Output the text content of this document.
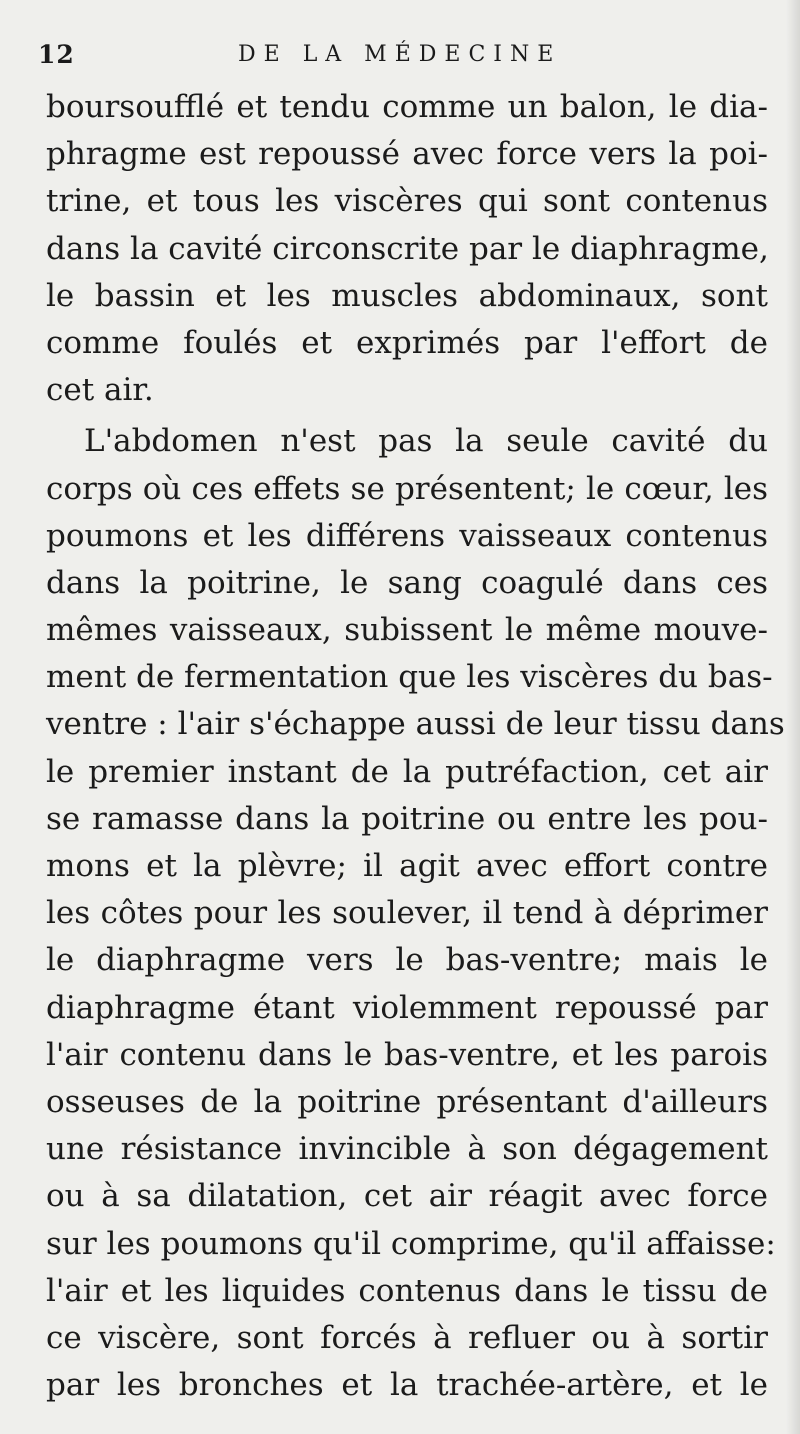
12	DE LA MÉDECINE
boursoufflé et tendu comme un balon, le dia-
phragme est repoussé avec force vers la poi-
trine, et tous les viscères qui sont contenus
dans la cavité circonscrite par le diaphragme,
le bassin et les muscles abdominaux, sont
comme foulés et exprimés par l'effort de
cet air.
L'abdomen n'est pas la seule cavité du
corps où ces effets se présentent; le cœur, les
poumons et les différens vaisseaux contenus
dans la poitrine, le sang coagulé dans ces
mêmes vaisseaux, subissent le même mouve-
ment de fermentation que les viscères du bas-
ventre : l'air s'échappe aussi de leur tissu dans
le premier instant de la putréfaction, cet air
se ramasse dans la poitrine ou entre les pou-
mons et la plèvre; il agit avec effort contre
les côtes pour les soulever, il tend à déprimer
le diaphragme vers le bas-ventre; mais le
diaphragme étant violemment repoussé par
l'air contenu dans le bas-ventre, et les parois
osseuses de la poitrine présentant d'ailleurs
une résistance invincible à son dégagement
ou à sa dilatation, cet air réagit avec force
sur les poumons qu'il comprime, qu'il affaisse:
l'air et les liquides contenus dans le tissu de
ce viscère, sont forcés à refluer ou à sortir
par les bronches et la trachée-artère, et le
